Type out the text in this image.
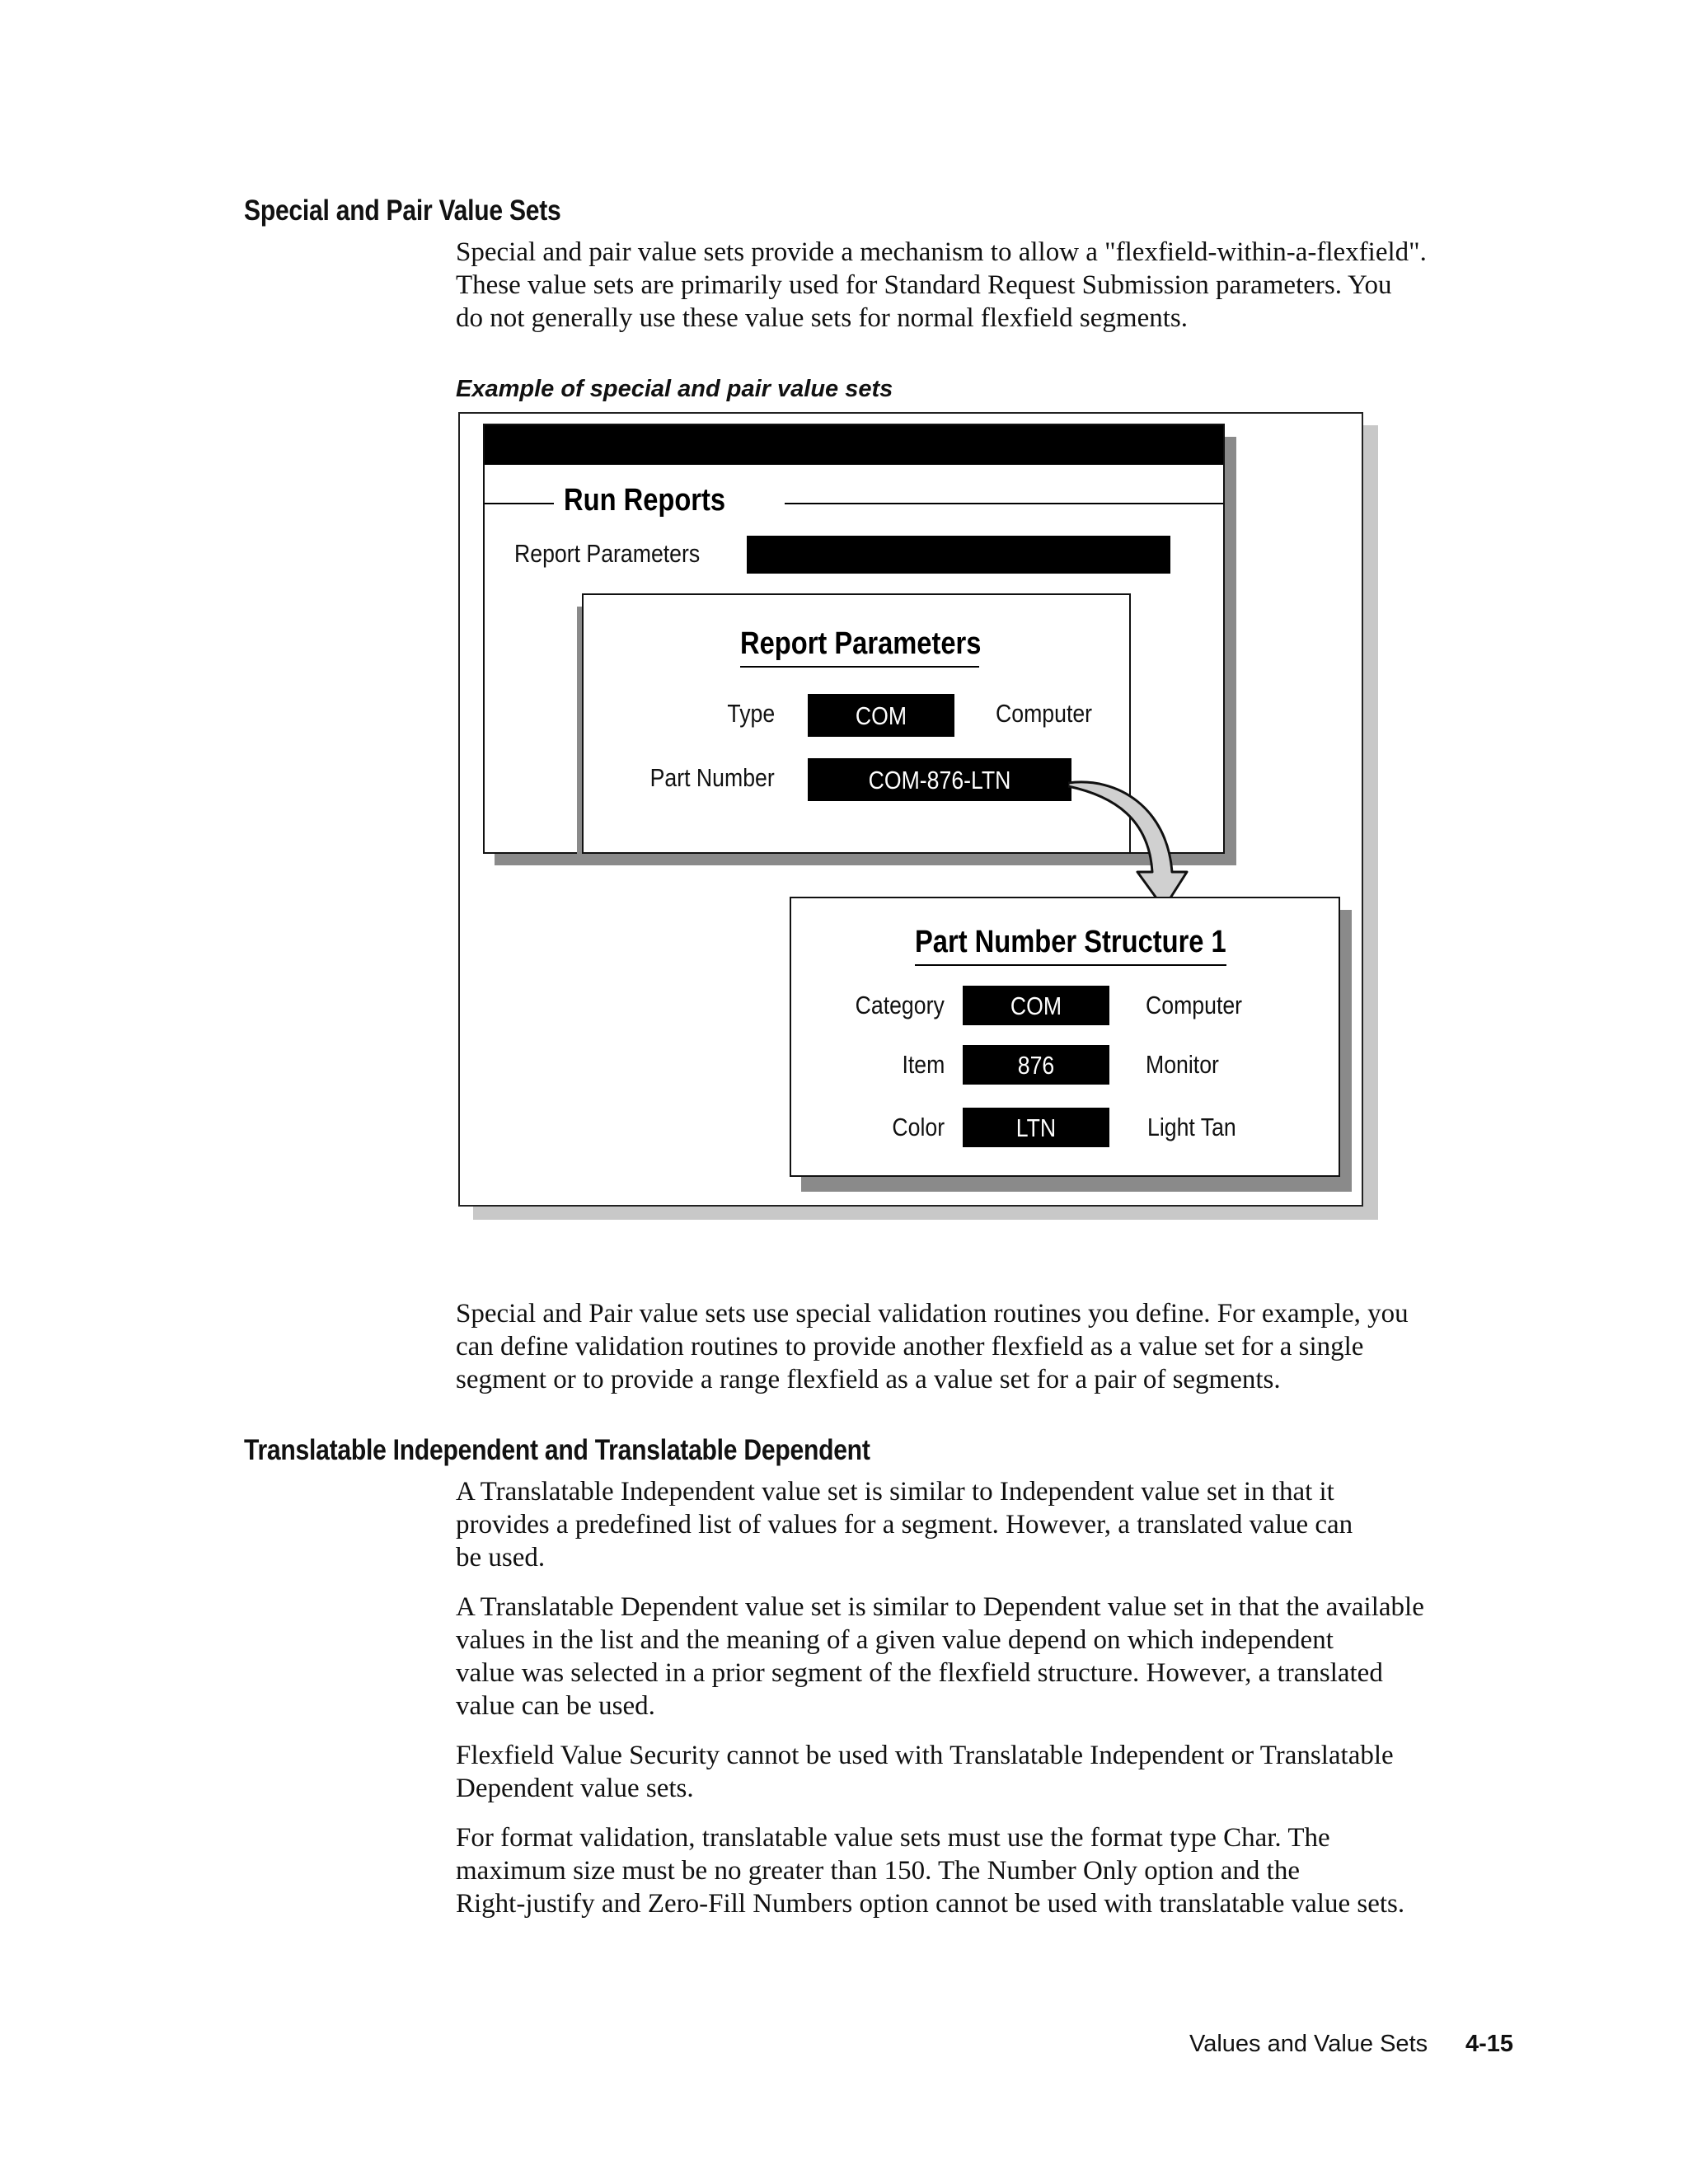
Special and Pair Value Sets
Special and pair value sets provide a mechanism to allow a "flexfield-within-a-flexfield".
These value sets are primarily used for Standard Request Submission parameters. You
do not generally use these value sets for normal flexfield segments.
Example of special and pair value sets
Run Reports
Report Parameters
Report Parameters
Type	COM	Computer
Part Number	COM-876-LTN
Part Number Structure 1
Category	COM	Computer
Item	876	Monitor
Color	LTN	Light Tan
Special and Pair value sets use special validation routines you define. For example, you
can define validation routines to provide another flexfield as a value set for a single
segment or to provide a range flexfield as a value set for a pair of segments.
Translatable Independent and Translatable Dependent
A Translatable Independent value set is similar to Independent value set in that it
provides a predefined list of values for a segment. However, a translated value can
be used.
A Translatable Dependent value set is similar to Dependent value set in that the available
values in the list and the meaning of a given value depend on which independent
value was selected in a prior segment of the flexfield structure. However, a translated
value can be used.
Flexfield Value Security cannot be used with Translatable Independent or Translatable
Dependent value sets.
For format validation, translatable value sets must use the format type Char. The
maximum size must be no greater than 150. The Number Only option and the
Right-justify and Zero-Fill Numbers option cannot be used with translatable value sets.
Values and Value Sets 4-15
